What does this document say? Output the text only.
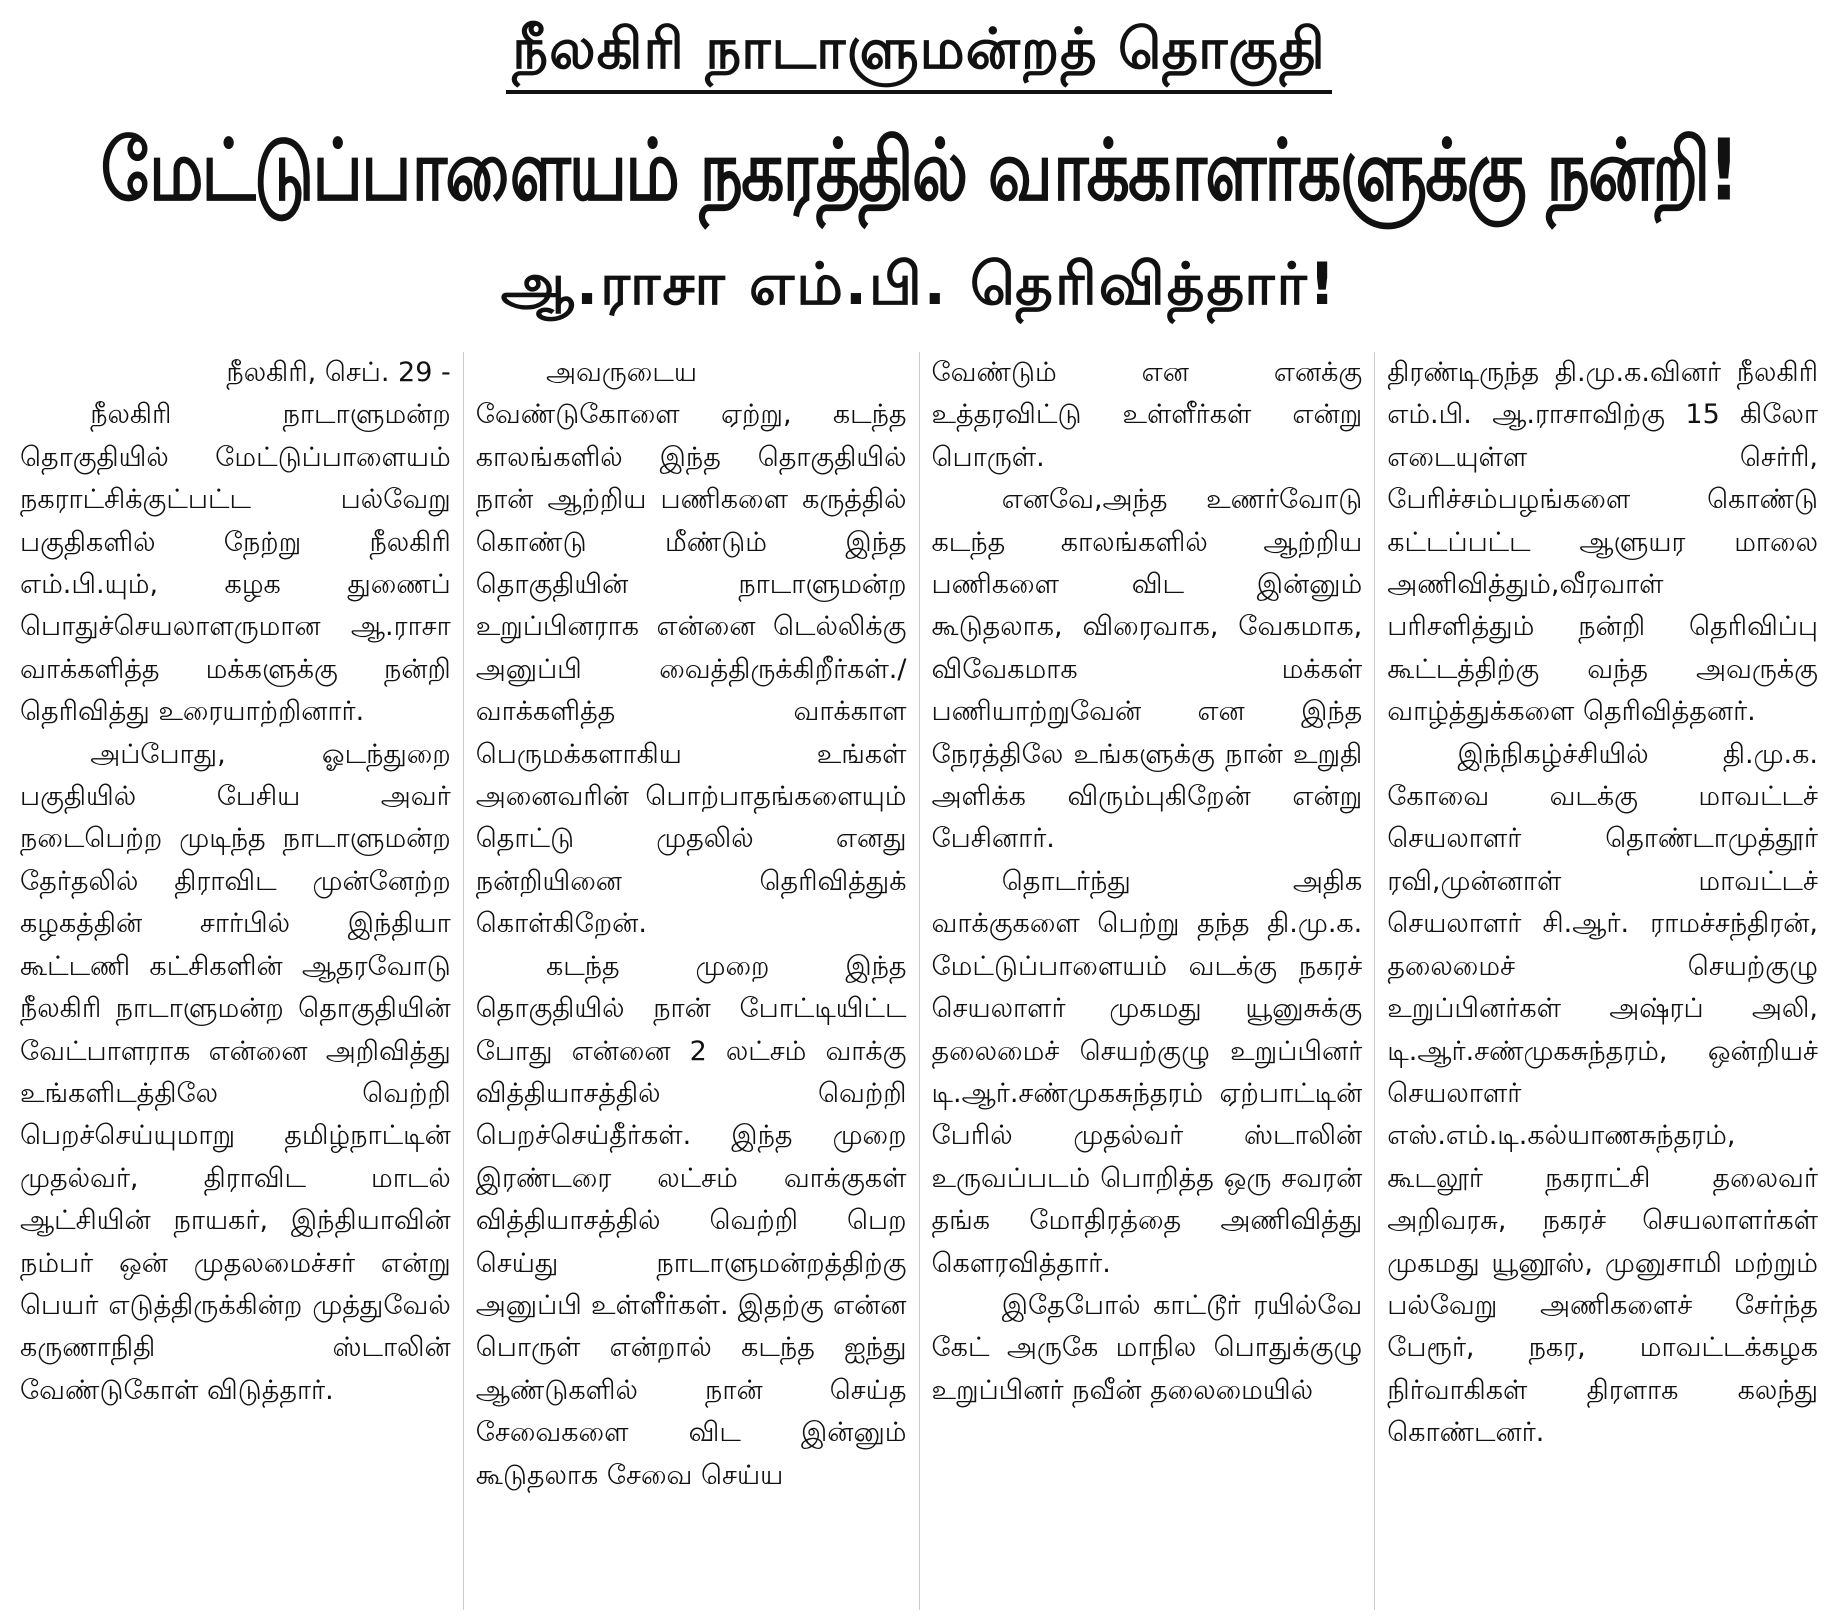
நீலகிரி நாடாளுமன்றத் தொகுதி
மேட்டுப்பாளையம் நகரத்தில் வாக்காளர்களுக்கு நன்றி!
ஆ.ராசா எம்.பி. தெரிவித்தார்!

நீலகிரி, செப். 29 -

நீலகிரி நாடாளுமன்ற தொகுதியில் மேட்டுப்பாளையம் நகராட்சிக்குட்பட்ட பல்வேறு பகுதிகளில் நேற்று நீலகிரி எம்.பி.யும், கழக துணைப் பொதுச்செயலாளருமான ஆ.ராசா வாக்களித்த மக்களுக்கு நன்றி தெரிவித்து உரையாற்றினார்.

அப்போது, ஓடந்துறை பகுதியில் பேசிய அவர் நடைபெற்ற முடிந்த நாடாளுமன்ற தேர்தலில் திராவிட முன்னேற்ற கழகத்தின் சார்பில் இந்தியா கூட்டணி கட்சிகளின் ஆதரவோடு நீலகிரி நாடாளுமன்ற தொகுதியின் வேட்பாளராக என்னை அறிவித்து உங்களிடத்திலே வெற்றி பெறச்செய்யுமாறு தமிழ்நாட்டின் முதல்வர், திராவிட மாடல் ஆட்சியின் நாயகர், இந்தியாவின் நம்பர் ஒன் முதலமைச்சர் என்று பெயர் எடுத்திருக்கின்ற முத்துவேல் கருணாநிதி ஸ்டாலின் வேண்டுகோள் விடுத்தார்.

அவருடைய வேண்டுகோளை ஏற்று, கடந்த காலங்களில் இந்த தொகுதியில் நான் ஆற்றிய பணிகளை கருத்தில் கொண்டு மீண்டும் இந்த தொகுதியின் நாடாளுமன்ற உறுப்பினராக என்னை டெல்லிக்கு அனுப்பி வைத்திருக்கிறீர்கள்./வாக்களித்த வாக்காள பெருமக்களாகிய உங்கள் அனைவரின் பொற்பாதங்களையும் தொட்டு முதலில் எனது நன்றியினை தெரிவித்துக் கொள்கிறேன்.

கடந்த முறை இந்த தொகுதியில் நான் போட்டியிட்ட போது என்னை 2 லட்சம் வாக்கு வித்தியாசத்தில் வெற்றி பெறச்செய்தீர்கள். இந்த முறை இரண்டரை லட்சம் வாக்குகள் வித்தியாசத்தில் வெற்றி பெற செய்து நாடாளுமன்றத்திற்கு அனுப்பி உள்ளீர்கள். இதற்கு என்ன பொருள் என்றால் கடந்த ஐந்து ஆண்டுகளில் நான் செய்த சேவைகளை விட இன்னும் கூடுதலாக சேவை செய்ய

வேண்டும் என எனக்கு உத்தரவிட்டு உள்ளீர்கள் என்று பொருள்.

எனவே,அந்த உணர்வோடு கடந்த காலங்களில் ஆற்றிய பணிகளை விட இன்னும் கூடுதலாக, விரைவாக, வேகமாக, விவேகமாக மக்கள் பணியாற்றுவேன் என இந்த நேரத்திலே உங்களுக்கு நான் உறுதி அளிக்க விரும்புகிறேன் என்று பேசினார்.

தொடர்ந்து அதிக வாக்குகளை பெற்று தந்த தி.மு.க. மேட்டுப்பாளையம் வடக்கு நகரச் செயலாளர் முகமது யூனுசுக்கு தலைமைச் செயற்குழு உறுப்பினர் டி.ஆர்.சண்முகசுந்தரம் ஏற்பாட்டின் பேரில் முதல்வர் ஸ்டாலின் உருவப்படம் பொறித்த ஒரு சவரன் தங்க மோதிரத்தை அணிவித்து கௌரவித்தார்.

இதேபோல் காட்டூர் ரயில்வே கேட் அருகே மாநில பொதுக்குழு உறுப்பினர் நவீன் தலைமையில்

திரண்டிருந்த தி.மு.க.வினர் நீலகிரி எம்.பி. ஆ.ராசாவிற்கு 15 கிலோ எடையுள்ள செர்ரி, பேரிச்சம்பழங்களை கொண்டு கட்டப்பட்ட ஆளுயர மாலை அணிவித்தும்,வீரவாள் பரிசளித்தும் நன்றி தெரிவிப்பு கூட்டத்திற்கு வந்த அவருக்கு வாழ்த்துக்களை தெரிவித்தனர்.

இந்நிகழ்ச்சியில் தி.மு.க. கோவை வடக்கு மாவட்டச் செயலாளர் தொண்டாமுத்தூர் ரவி,முன்னாள் மாவட்டச் செயலாளர் சி.ஆர். ராமச்சந்திரன், தலைமைச் செயற்குழு உறுப்பினர்கள் அஷ்ரப் அலி, டி.ஆர்.சண்முகசுந்தரம், ஒன்றியச் செயலாளர் எஸ்.எம்.டி.கல்யாணசுந்தரம், கூடலூர் நகராட்சி தலைவர் அறிவரசு, நகரச் செயலாளர்கள் முகமது யூனூஸ், முனுசாமி மற்றும் பல்வேறு அணிகளைச் சேர்ந்த பேரூர், நகர, மாவட்டக்கழக நிர்வாகிகள் திரளாக கலந்து கொண்டனர்.
